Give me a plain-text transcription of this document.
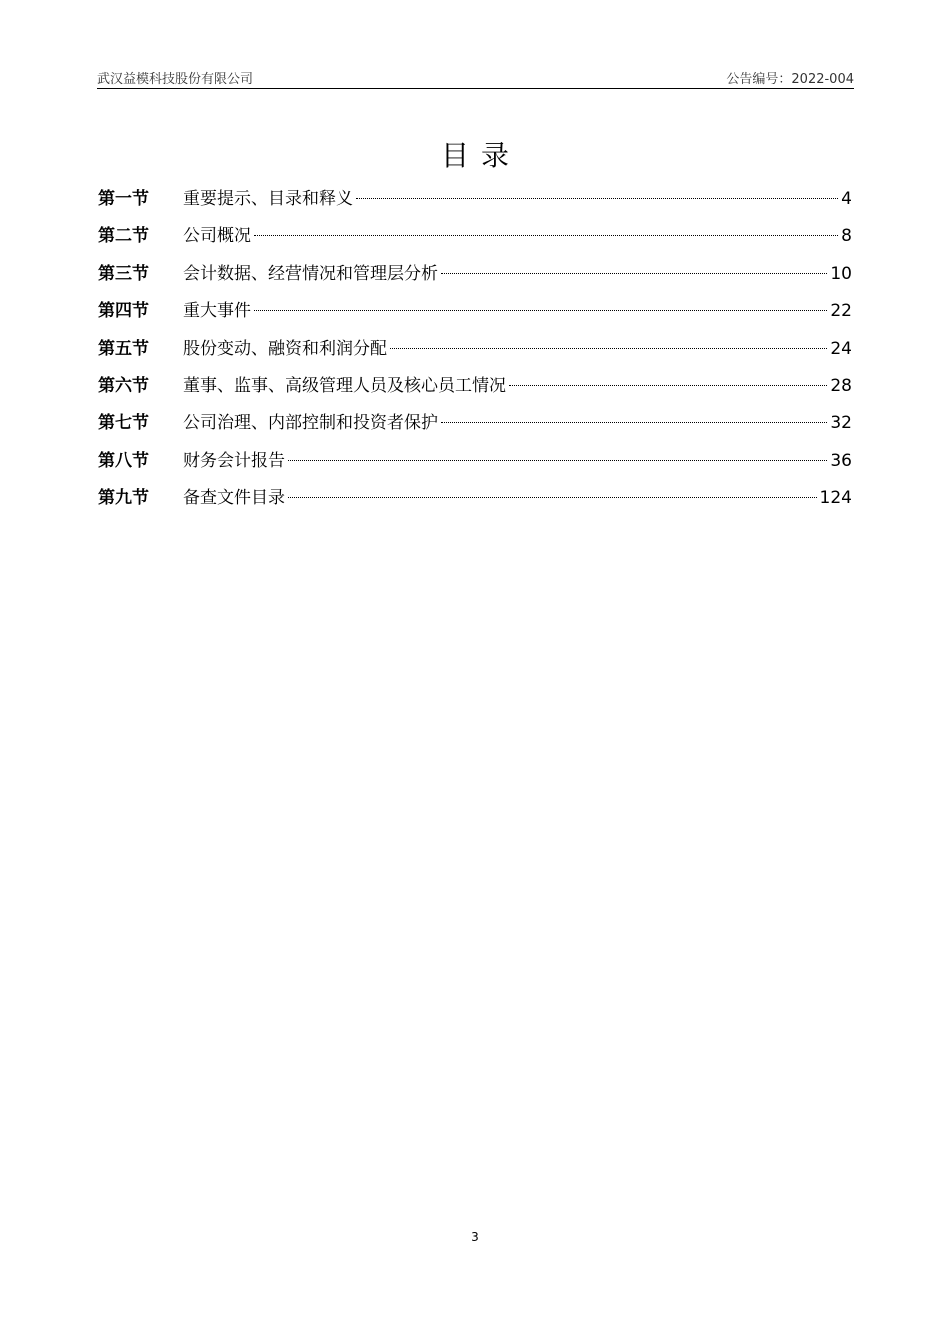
武汉益模科技股份有限公司	公告编号：2022-004
目录
第一节	重要提示、目录和释义	4
第二节	公司概况	8
第三节	会计数据、经营情况和管理层分析	10
第四节	重大事件	22
第五节	股份变动、融资和利润分配	24
第六节	董事、监事、高级管理人员及核心员工情况	28
第七节	公司治理、内部控制和投资者保护	32
第八节	财务会计报告	36
第九节	备查文件目录	124
3
